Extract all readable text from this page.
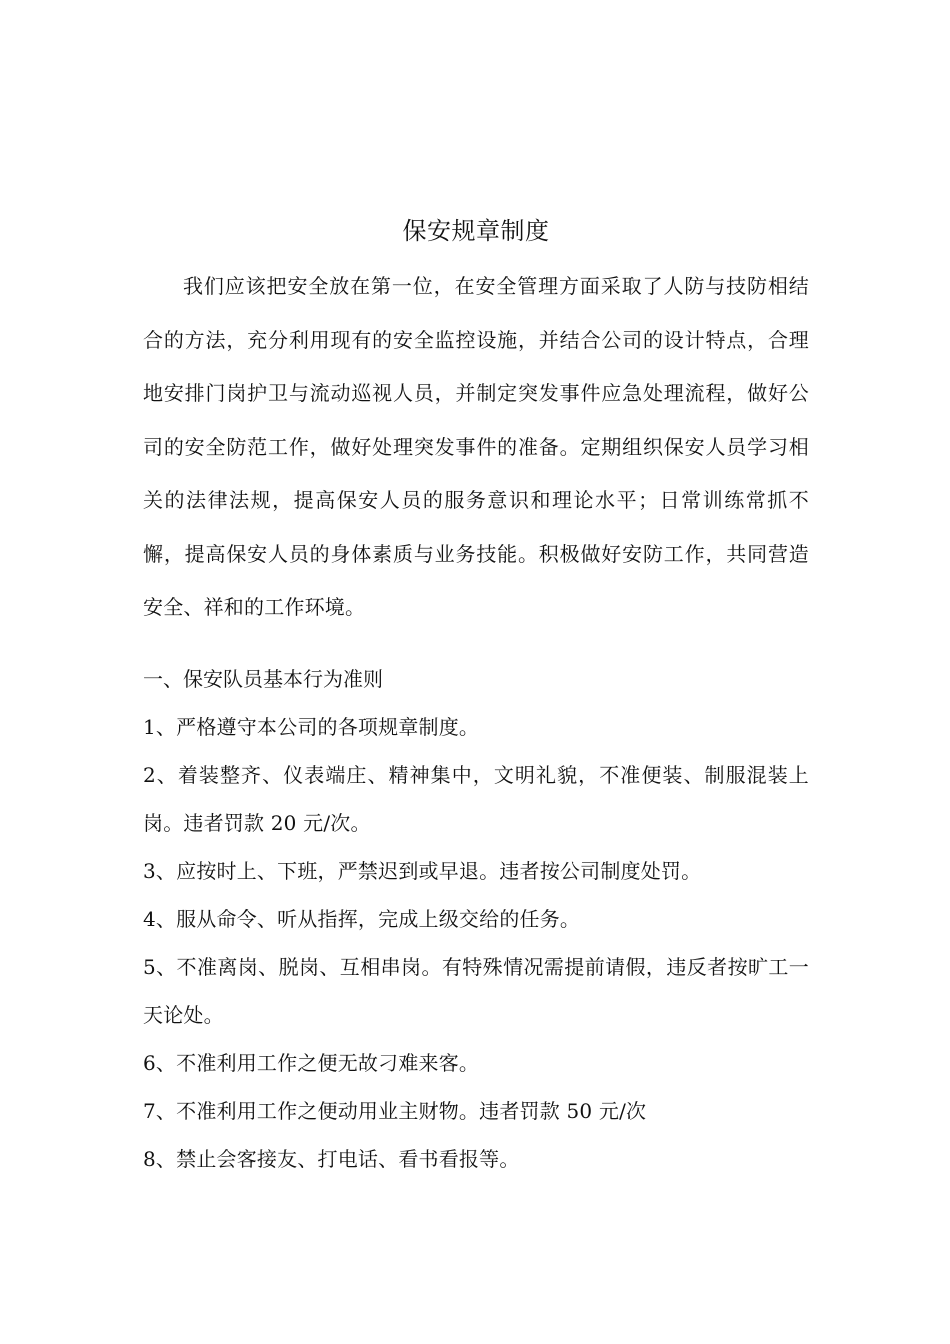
保安规章制度

我们应该把安全放在第一位，在安全管理方面采取了人防与技防相结合的方法，充分利用现有的安全监控设施，并结合公司的设计特点，合理地安排门岗护卫与流动巡视人员，并制定突发事件应急处理流程，做好公司的安全防范工作，做好处理突发事件的准备。定期组织保安人员学习相关的法律法规，提高保安人员的服务意识和理论水平；日常训练常抓不懈，提高保安人员的身体素质与业务技能。积极做好安防工作，共同营造安全、祥和的工作环境。

一、保安队员基本行为准则

1、严格遵守本公司的各项规章制度。
2、着装整齐、仪表端庄、精神集中，文明礼貌，不准便装、制服混装上岗。违者罚款 20 元/次。
3、应按时上、下班，严禁迟到或早退。违者按公司制度处罚。
4、服从命令、听从指挥，完成上级交给的任务。
5、不准离岗、脱岗、互相串岗。有特殊情况需提前请假，违反者按旷工一天论处。
6、不准利用工作之便无故刁难来客。
7、不准利用工作之便动用业主财物。违者罚款 50 元/次
8、禁止会客接友、打电话、看书看报等。
